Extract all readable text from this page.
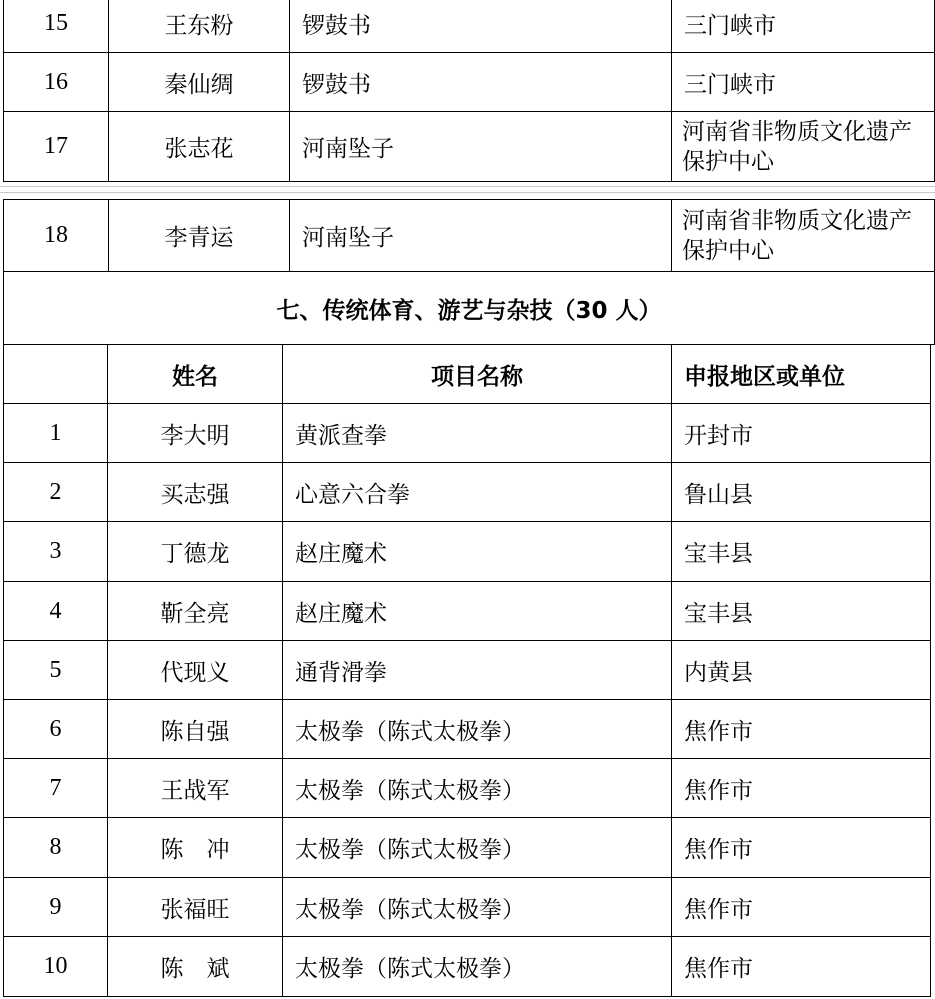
15	王东粉	锣鼓书	三门峡市
16	秦仙绸	锣鼓书	三门峡市
17	张志花	河南坠子	河南省非物质文化遗产保护中心
18	李青运	河南坠子	河南省非物质文化遗产保护中心
七、传统体育、游艺与杂技（30 人）
	姓名	项目名称	申报地区或单位
1	李大明	黄派查拳	开封市
2	买志强	心意六合拳	鲁山县
3	丁德龙	赵庄魔术	宝丰县
4	靳全亮	赵庄魔术	宝丰县
5	代现义	通背滑拳	内黄县
6	陈自强	太极拳（陈式太极拳）	焦作市
7	王战军	太极拳（陈式太极拳）	焦作市
8	陈　冲	太极拳（陈式太极拳）	焦作市
9	张福旺	太极拳（陈式太极拳）	焦作市
10	陈　斌	太极拳（陈式太极拳）	焦作市
